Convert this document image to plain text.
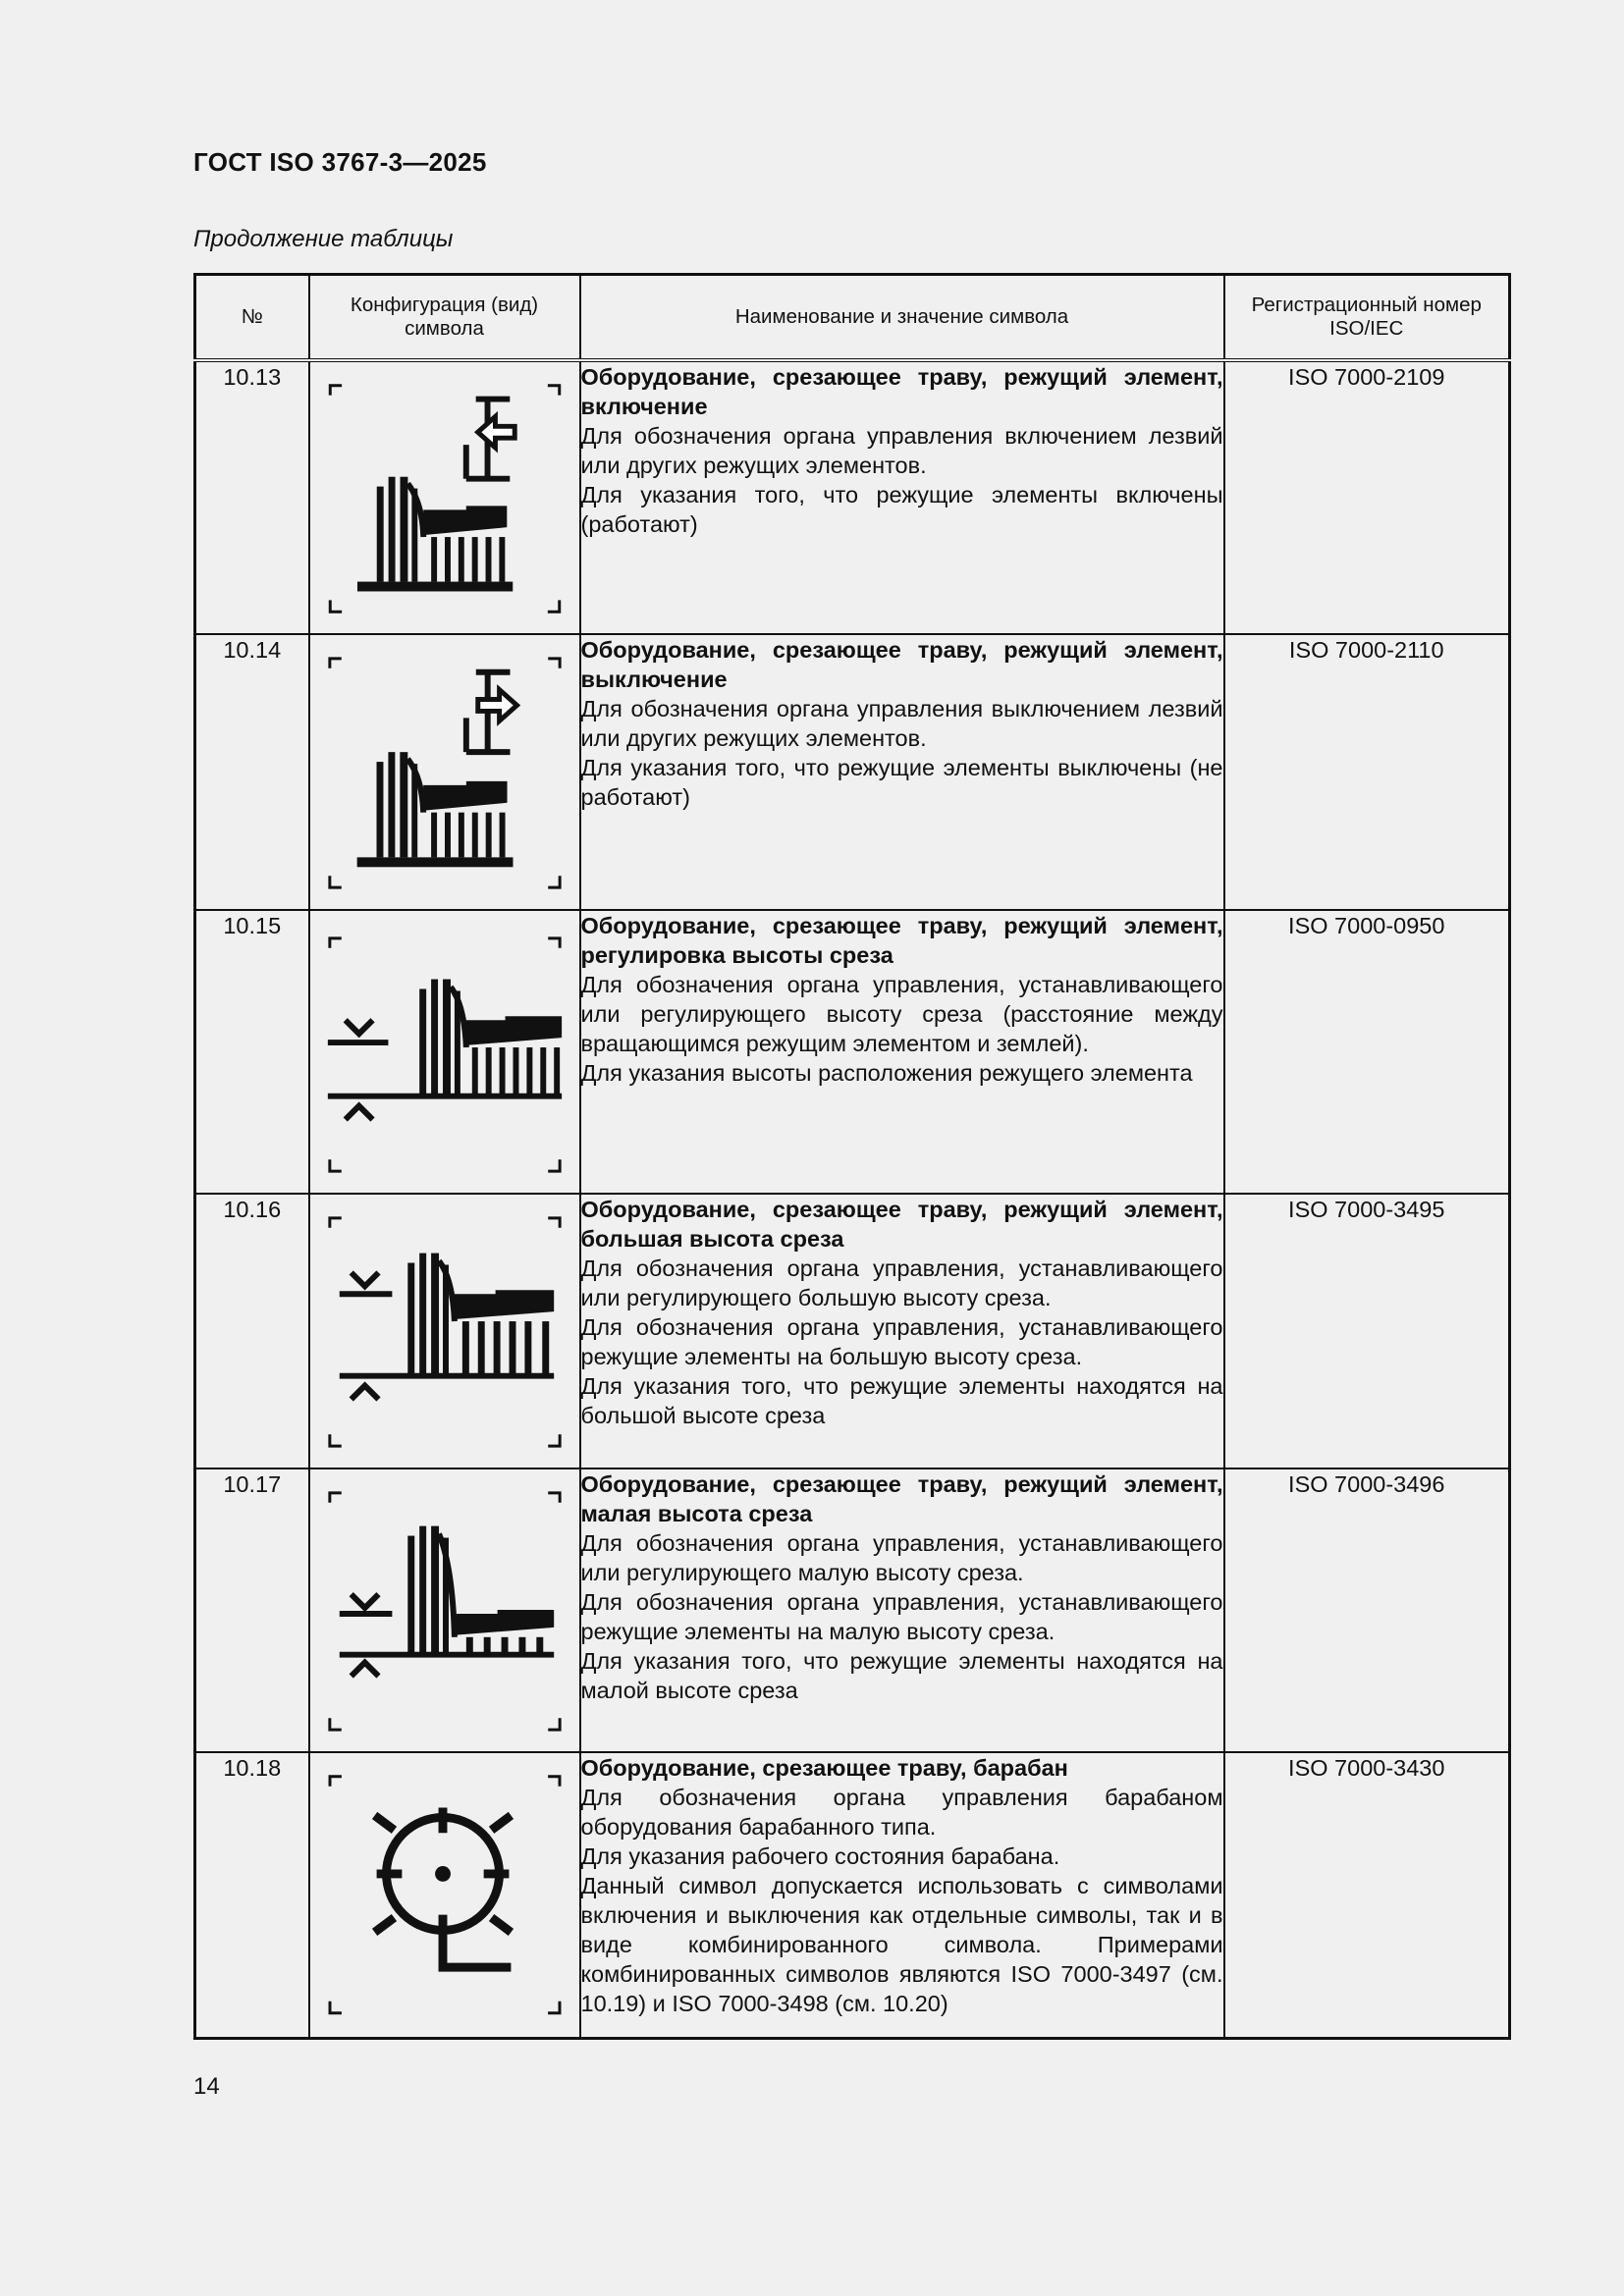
ГОСТ ISO 3767-3—2025
Продолжение таблицы
№	Конфигурация (вид) символа	Наименование и значение символа	Регистрационный номер ISO/IEC
10.13		Оборудование, срезающее траву, режущий элемент, включение
Для обозначения органа управления включением лезвий или других режущих элементов.
Для указания того, что режущие элементы включены (работают)	ISO 7000-2109
10.14		Оборудование, срезающее траву, режущий элемент, выключение
Для обозначения органа управления выключением лезвий или других режущих элементов.
Для указания того, что режущие элементы выключены (не работают)	ISO 7000-2110
10.15		Оборудование, срезающее траву, режущий элемент, регулировка высоты среза
Для обозначения органа управления, устанавливающего или регулирующего высоту среза (расстояние между вращающимся режущим элементом и землей).
Для указания высоты расположения режущего элемента	ISO 7000-0950
10.16		Оборудование, срезающее траву, режущий элемент, большая высота среза
Для обозначения органа управления, устанавливающего или регулирующего большую высоту среза.
Для обозначения органа управления, устанавливающего режущие элементы на большую высоту среза.
Для указания того, что режущие элементы находятся на большой высоте среза	ISO 7000-3495
10.17		Оборудование, срезающее траву, режущий элемент, малая высота среза
Для обозначения органа управления, устанавливающего или регулирующего малую высоту среза.
Для обозначения органа управления, устанавливающего режущие элементы на малую высоту среза.
Для указания того, что режущие элементы находятся на малой высоте среза	ISO 7000-3496
10.18		Оборудование, срезающее траву, барабан
Для обозначения органа управления барабаном оборудования барабанного типа.
Для указания рабочего состояния барабана.
Данный символ допускается использовать с символами включения и выключения как отдельные символы, так и в виде комбинированного символа. Примерами комбинированных символов являются ISO 7000-3497 (см. 10.19) и ISO 7000-3498 (см. 10.20)	ISO 7000-3430
14
